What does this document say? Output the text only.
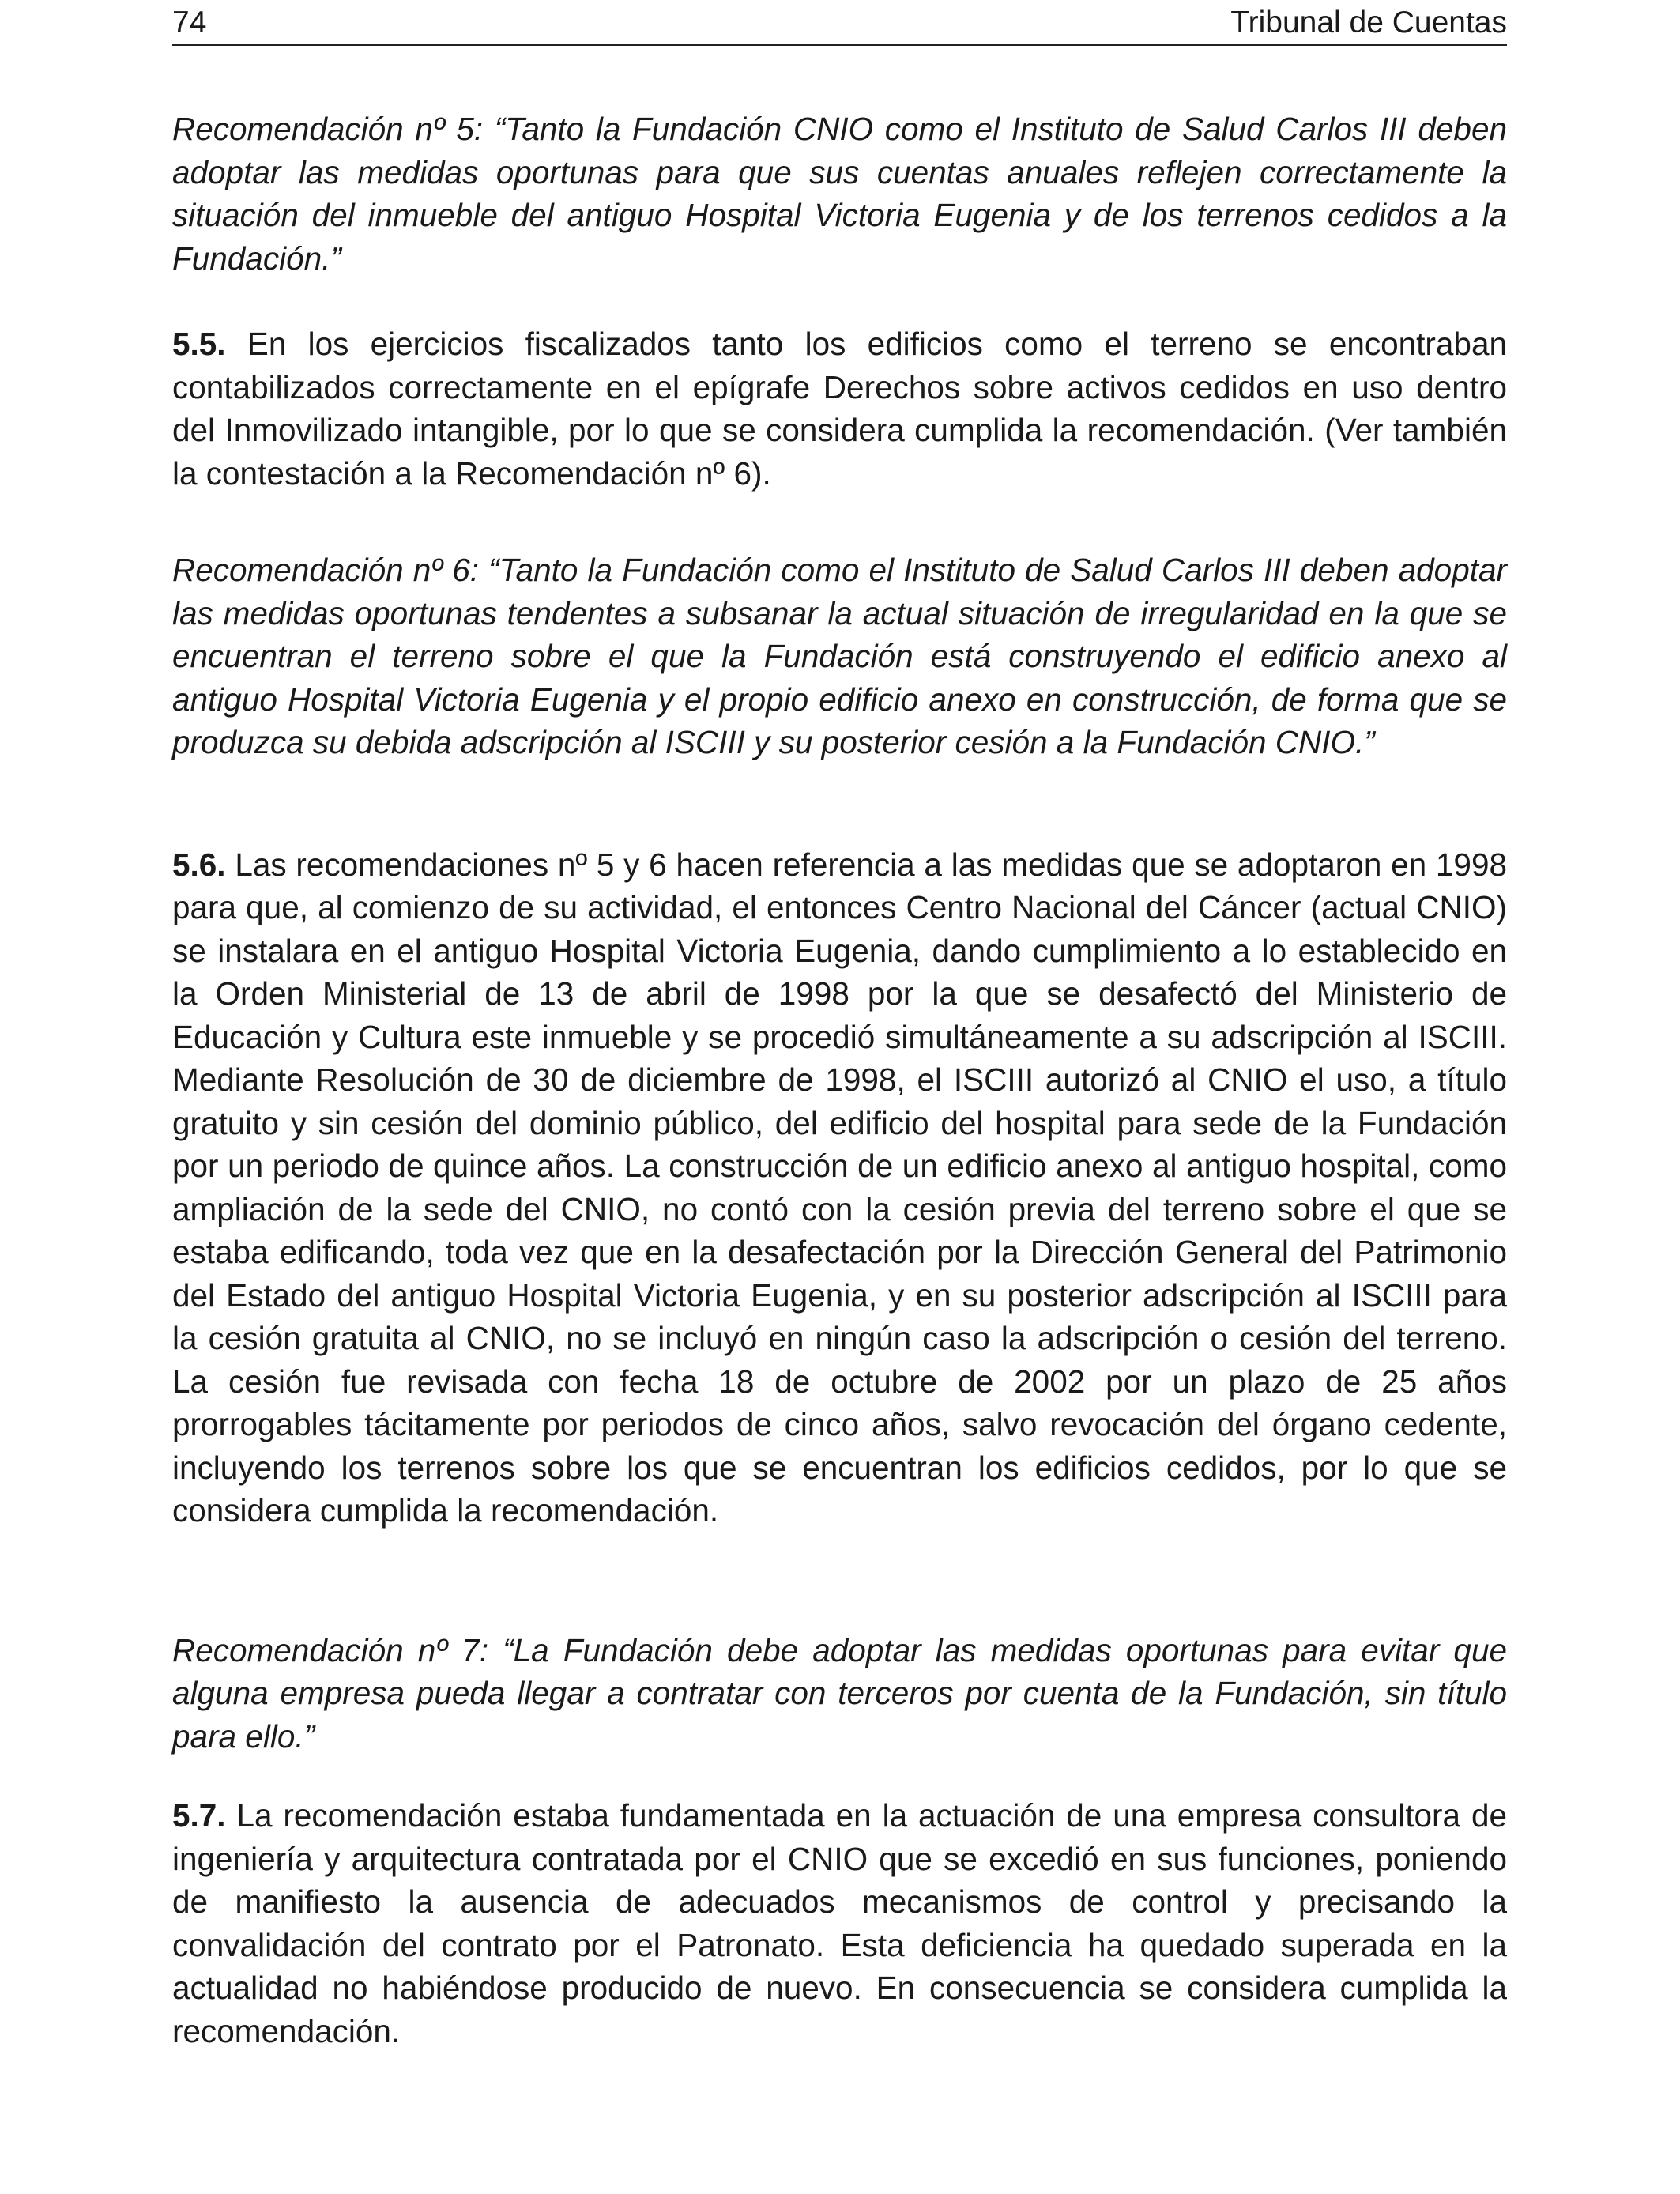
74	Tribunal de Cuentas

Recomendación nº 5: “Tanto la Fundación CNIO como el Instituto de Salud Carlos III deben adoptar las medidas oportunas para que sus cuentas anuales reflejen correctamente la situación del inmueble del antiguo Hospital Victoria Eugenia y de los terrenos cedidos a la Fundación.”

5.5. En los ejercicios fiscalizados tanto los edificios como el terreno se encontraban contabilizados correctamente en el epígrafe Derechos sobre activos cedidos en uso dentro del Inmovilizado intangible, por lo que se considera cumplida la recomendación. (Ver también la contestación a la Recomendación nº 6).

Recomendación nº 6: “Tanto la Fundación como el Instituto de Salud Carlos III deben adoptar las medidas oportunas tendentes a subsanar la actual situación de irregularidad en la que se encuentran el terreno sobre el que la Fundación está construyendo el edificio anexo al antiguo Hospital Victoria Eugenia y el propio edificio anexo en construcción, de forma que se produzca su debida adscripción al ISCIII y su posterior cesión a la Fundación CNIO.”

5.6. Las recomendaciones nº 5 y 6 hacen referencia a las medidas que se adoptaron en 1998 para que, al comienzo de su actividad, el entonces Centro Nacional del Cáncer (actual CNIO) se instalara en el antiguo Hospital Victoria Eugenia, dando cumplimiento a lo establecido en la Orden Ministerial de 13 de abril de 1998 por la que se desafectó del Ministerio de Educación y Cultura este inmueble y se procedió simultáneamente a su adscripción al ISCIII. Mediante Resolución de 30 de diciembre de 1998, el ISCIII autorizó al CNIO el uso, a título gratuito y sin cesión del dominio público, del edificio del hospital para sede de la Fundación por un periodo de quince años. La construcción de un edificio anexo al antiguo hospital, como ampliación de la sede del CNIO, no contó con la cesión previa del terreno sobre el que se estaba edificando, toda vez que en la desafectación por la Dirección General del Patrimonio del Estado del antiguo Hospital Victoria Eugenia, y en su posterior adscripción al ISCIII para la cesión gratuita al CNIO, no se incluyó en ningún caso la adscripción o cesión del terreno. La cesión fue revisada con fecha 18 de octubre de 2002 por un plazo de 25 años prorrogables tácitamente por periodos de cinco años, salvo revocación del órgano cedente, incluyendo los terrenos sobre los que se encuentran los edificios cedidos, por lo que se considera cumplida la recomendación.

Recomendación nº 7: “La Fundación debe adoptar las medidas oportunas para evitar que alguna empresa pueda llegar a contratar con terceros por cuenta de la Fundación, sin título para ello.”

5.7. La recomendación estaba fundamentada en la actuación de una empresa consultora de ingeniería y arquitectura contratada por el CNIO que se excedió en sus funciones, poniendo de manifiesto la ausencia de adecuados mecanismos de control y precisando la convalidación del contrato por el Patronato. Esta deficiencia ha quedado superada en la actualidad no habiéndose producido de nuevo. En consecuencia se considera cumplida la recomendación.
